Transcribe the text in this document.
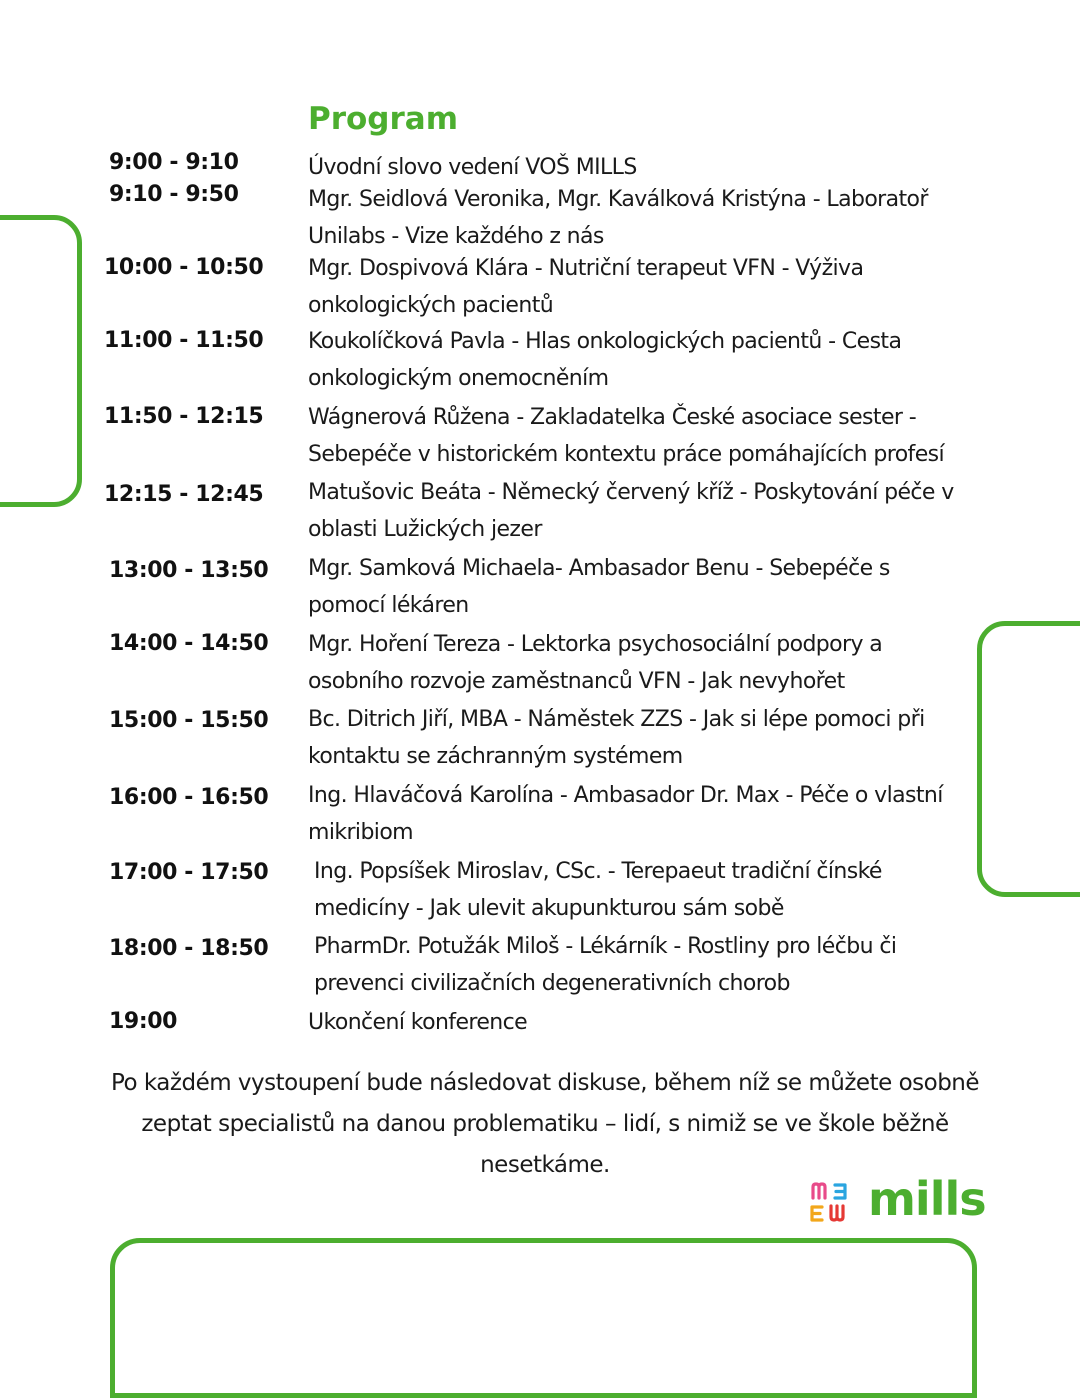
Program
9:00 - 9:10	Úvodní slovo vedení VOŠ MILLS
9:10 - 9:50	Mgr. Seidlová Veronika, Mgr. Kaválková Kristýna - Laboratoř Unilabs - Vize každého z nás
10:00 - 10:50 Mgr. Dospivová Klára - Nutriční terapeut VFN - Výživa onkologických pacientů
11:00 - 11:50 Koukolíčková Pavla - Hlas onkologických pacientů - Cesta onkologickým onemocněním
11:50 - 12:15 Wágnerová Růžena - Zakladatelka České asociace sester - Sebepéče v historickém kontextu práce pomáhajících profesí
12:15 - 12:45 Matušovic Beáta - Německý červený kříž - Poskytování péče v oblasti Lužických jezer
13:00 - 13:50 Mgr. Samková Michaela- Ambasador Benu - Sebepéče s pomocí lékáren
14:00 - 14:50 Mgr. Hoření Tereza - Lektorka psychosociální podpory a osobního rozvoje zaměstnanců VFN - Jak nevyhořet
15:00 - 15:50 Bc. Ditrich Jiří, MBA - Náměstek ZZS - Jak si lépe pomoci při kontaktu se záchranným systémem
16:00 - 16:50 Ing. Hlaváčová Karolína - Ambasador Dr. Max - Péče o vlastní mikribiom
17:00 - 17:50 Ing. Popsíšek Miroslav, CSc. - Terepaeut tradiční čínské medicíny - Jak ulevit akupunkturou sám sobě
18:00 - 18:50 PharmDr. Potužák Miloš - Lékárník - Rostliny pro léčbu či prevenci civilizačních degenerativních chorob
19:00	Ukončení konference

Po každém vystoupení bude následovat diskuse, během níž se můžete osobně zeptat specialistů na danou problematiku – lidí, s nimiž se ve škole běžně nesetkáme.

mills
